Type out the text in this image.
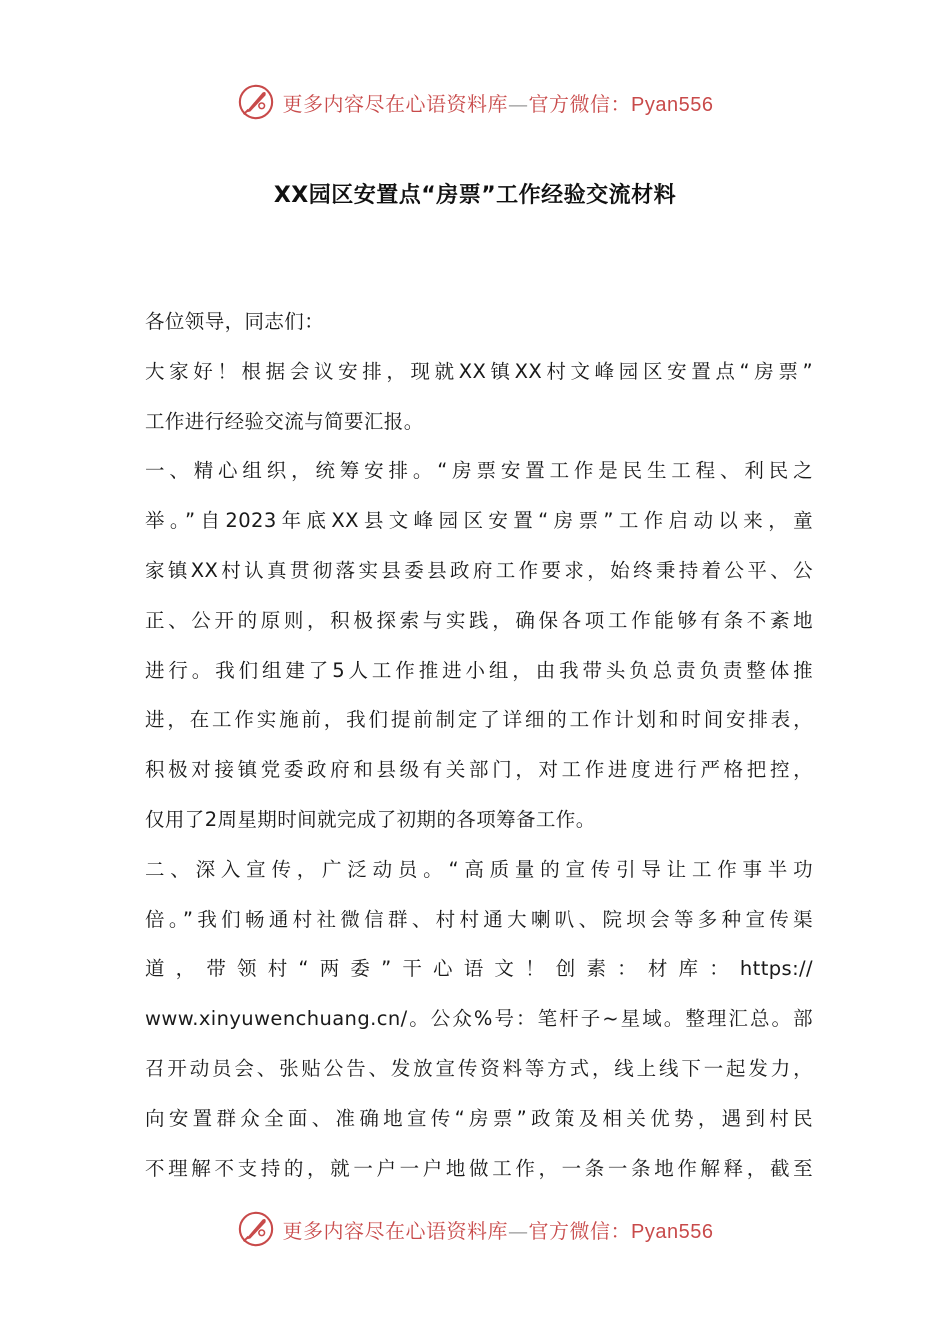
更多内容尽在心语资料库—官方微信：Pyan556
XX园区安置点“房票”工作经验交流材料
各位领导，同志们：
大家好！根据会议安排，现就XX镇XX村文峰园区安置点“房票”
工作进行经验交流与简要汇报。
一、精心组织，统筹安排。“房票安置工作是民生工程、利民之
举。”自2023年底XX县文峰园区安置“房票”工作启动以来，童
家镇XX村认真贯彻落实县委县政府工作要求，始终秉持着公平、公
正、公开的原则，积极探索与实践，确保各项工作能够有条不紊地
进行。我们组建了5人工作推进小组，由我带头负总责负责整体推
进，在工作实施前，我们提前制定了详细的工作计划和时间安排表，
积极对接镇党委政府和县级有关部门，对工作进度进行严格把控，
仅用了2周星期时间就完成了初期的各项筹备工作。
二、深入宣传，广泛动员。“高质量的宣传引导让工作事半功
倍。”我们畅通村社微信群、村村通大喇叭、院坝会等多种宣传渠
道，带领村“两委”干心语文！创素：材库：https://
www.xinyuwenchuang.cn/。公众%号：笔杆子~星域。整理汇总。部
召开动员会、张贴公告、发放宣传资料等方式，线上线下一起发力，
向安置群众全面、准确地宣传“房票”政策及相关优势，遇到村民
不理解不支持的，就一户一户地做工作，一条一条地作解释，截至
更多内容尽在心语资料库—官方微信：Pyan556
